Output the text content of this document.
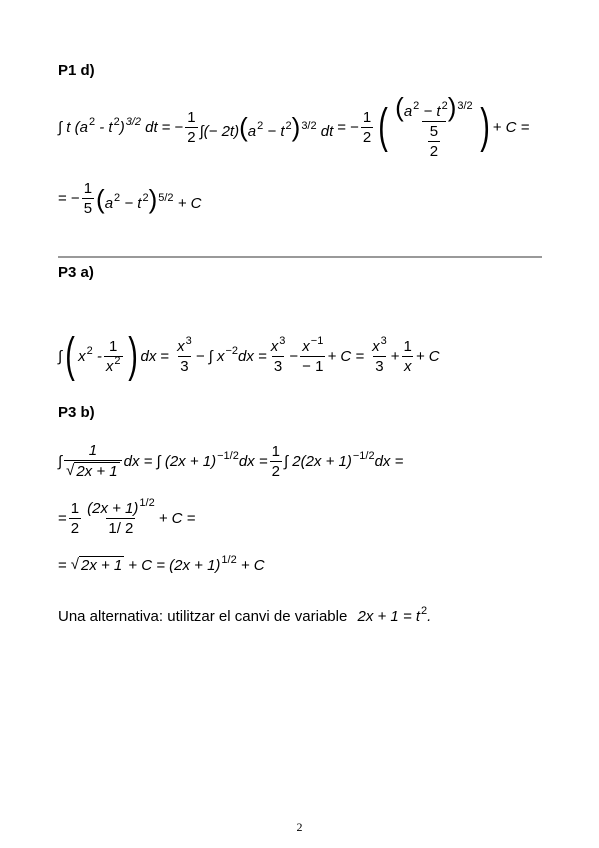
P1 d)
∫ t $(a^2 - t^2)^{3/2}$ dt = − $\frac{1}{2}$ ∫(− $2t)(a^2 - t^2)^{3/2}$ dt = − $\frac{1}{2}$ ( $\frac{(a^2 - t^2)^{3/2}}{\frac{5}{2}}$ ) + C =
= − $\frac{1}{5} (a^2 - t^2)^{5/2} + C$
P3 a)
∫ ( $x^2 - \frac{1}{x^2}$ ) dx = $\frac{x^3}{3}$ − ∫ $x^{-2}dx = \frac{x^3}{3} - \frac{x^{-1}}{- 1} + C = \frac{x^3}{3} + \frac{1}{x} + C$
P3 b)
∫ $\frac{1}{√ 2x + 1}$ dx = ∫ $(2x + 1)^{-1/2}dx = \frac{1}{2}$ ∫ $2(2x + 1)^{-1/2}dx$ =
= $\frac{1}{2} \frac{(2x + 1)^{1/2}}{1/ 2} + C$ =
= √ $2x + 1 + C = (2x + 1)^{1/2} + C$
Una alternativa: utilitzar el canvi de variable $2x + 1 = t^2$.
2
